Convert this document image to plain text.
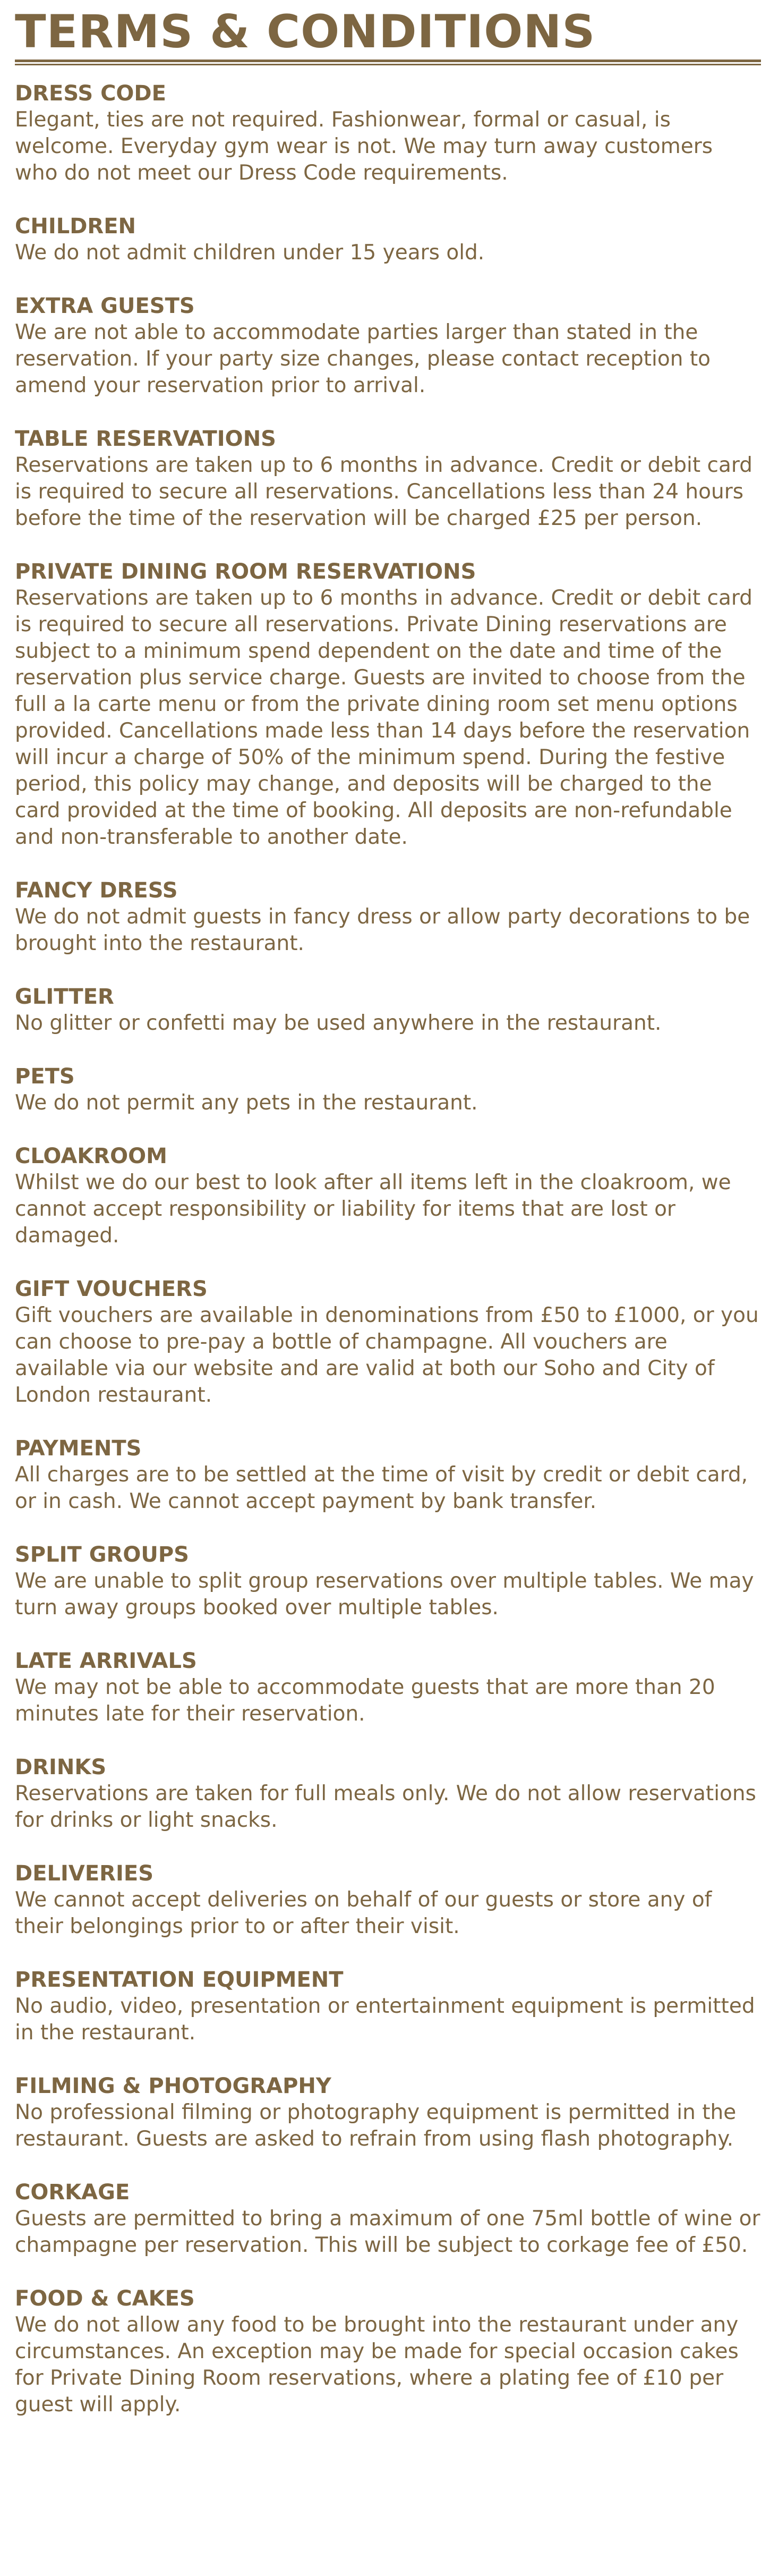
TERMS & CONDITIONS
DRESS CODE

Elegant, ties are not required. Fashionwear, formal or casual, is welcome. Everyday gym wear is not. We may turn away customers who do not meet our Dress Code requirements.

CHILDREN

We do not admit children under 15 years old.

EXTRA GUESTS

We are not able to accommodate parties larger than stated in the reservation. If your party size changes, please contact reception to amend your reservation prior to arrival.

TABLE RESERVATIONS

Reservations are taken up to 6 months in advance. Credit or debit card is required to secure all reservations. Cancellations less than 24 hours before the time of the reservation will be charged £25 per person.

PRIVATE DINING ROOM RESERVATIONS

Reservations are taken up to 6 months in advance. Credit or debit card is required to secure all reservations. Private Dining reservations are subject to a minimum spend dependent on the date and time of the reservation plus service charge. Guests are invited to choose from the full a la carte menu or from the private dining room set menu options provided. Cancellations made less than 14 days before the reservation will incur a charge of 50% of the minimum spend. During the festive period, this policy may change, and deposits will be charged to the card provided at the time of booking. All deposits are non-refundable and non-transferable to another date.

FANCY DRESS

We do not admit guests in fancy dress or allow party decorations to be brought into the restaurant.

GLITTER

No glitter or confetti may be used anywhere in the restaurant.

PETS

We do not permit any pets in the restaurant.

CLOAKROOM

Whilst we do our best to look after all items left in the cloakroom, we cannot accept responsibility or liability for items that are lost or damaged.

GIFT VOUCHERS

Gift vouchers are available in denominations from £50 to £1000, or you can choose to pre-pay a bottle of champagne. All vouchers are available via our website and are valid at both our Soho and City of London restaurant.

PAYMENTS

All charges are to be settled at the time of visit by credit or debit card, or in cash. We cannot accept payment by bank transfer.

SPLIT GROUPS

We are unable to split group reservations over multiple tables. We may turn away groups booked over multiple tables.

LATE ARRIVALS

We may not be able to accommodate guests that are more than 20 minutes late for their reservation.

DRINKS

Reservations are taken for full meals only. We do not allow reservations for drinks or light snacks.

DELIVERIES

We cannot accept deliveries on behalf of our guests or store any of their belongings prior to or after their visit.

PRESENTATION EQUIPMENT

No audio, video, presentation or entertainment equipment is permitted in the restaurant.

FILMING & PHOTOGRAPHY

No professional filming or photography equipment is permitted in the restaurant. Guests are asked to refrain from using flash photography.

CORKAGE

Guests are permitted to bring a maximum of one 75ml bottle of wine or champagne per reservation. This will be subject to corkage fee of £50.

FOOD & CAKES

We do not allow any food to be brought into the restaurant under any circumstances. An exception may be made for special occasion cakes for Private Dining Room reservations, where a plating fee of £10 per guest will apply.
